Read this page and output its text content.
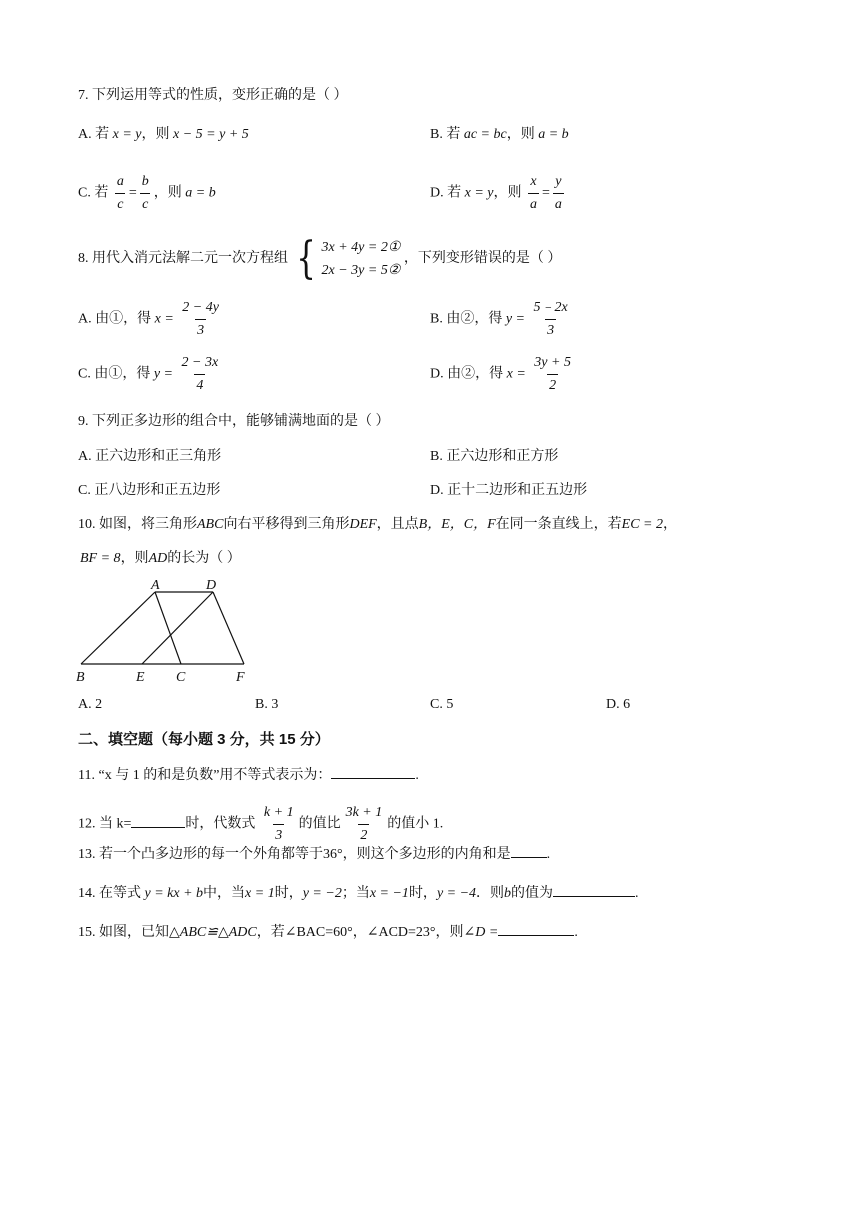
7. 下列运用等式的性质，变形正确的是（ ）
A. 若 x = y，则 x − 5 = y + 5	B. 若 ac = bc，则 a = b
C. 若 $\frac{a}{c} = \frac{b}{c}$ ，则 a = b	D. 若 x = y，则 $\frac{x}{a} = \frac{y}{a}$
8. 用代入消元法解二元一次方程组 { 3x + 4y = 2①
2x − 3y = 5②
，下列变形错误的是（ ）
A. 由①，得 $x = \frac{2 - 4y}{3}$	B. 由②，得 $y = \frac{5﹣2x}{3}$
C. 由①，得 $y = \frac{2 - 3x}{4}$	D. 由②，得 $x = \frac{3y + 5}{2}$
9. 下列正多边形的组合中，能够铺满地面的是（ ）
A. 正六边形和正三角形	B. 正六边形和正方形
C. 正八边形和正五边形	D. 正十二边形和正五边形
10. 如图，将三角形ABC向右平移得到三角形DEF，且点B，E，C，F在同一条直线上，若EC = 2，
BF = 8，则AD的长为（ ）
A	D
B	E C	F
A. 2	B. 3	C. 5	D. 6
二、填空题（每小题 3 分，共 15 分）
11. “x 与 1 的和是负数”用不等式表示为：	.
12. 当 k=	时，代数式 $\frac{k + 1}{3}$ 的值比 $\frac{3k + 1}{2}$ 的值小 1.
13. 若一个凸多边形的每一个外角都等于36°，则这个多边形的内角和是	.
14. 在等式 y = kx + b中，当x = 1时，y = −2；当x = −1时，y = −4．则b的值为	.
15. 如图，已知△ABC≌△ADC，若∠BAC=60°，∠ACD=23°，则∠D =	.
